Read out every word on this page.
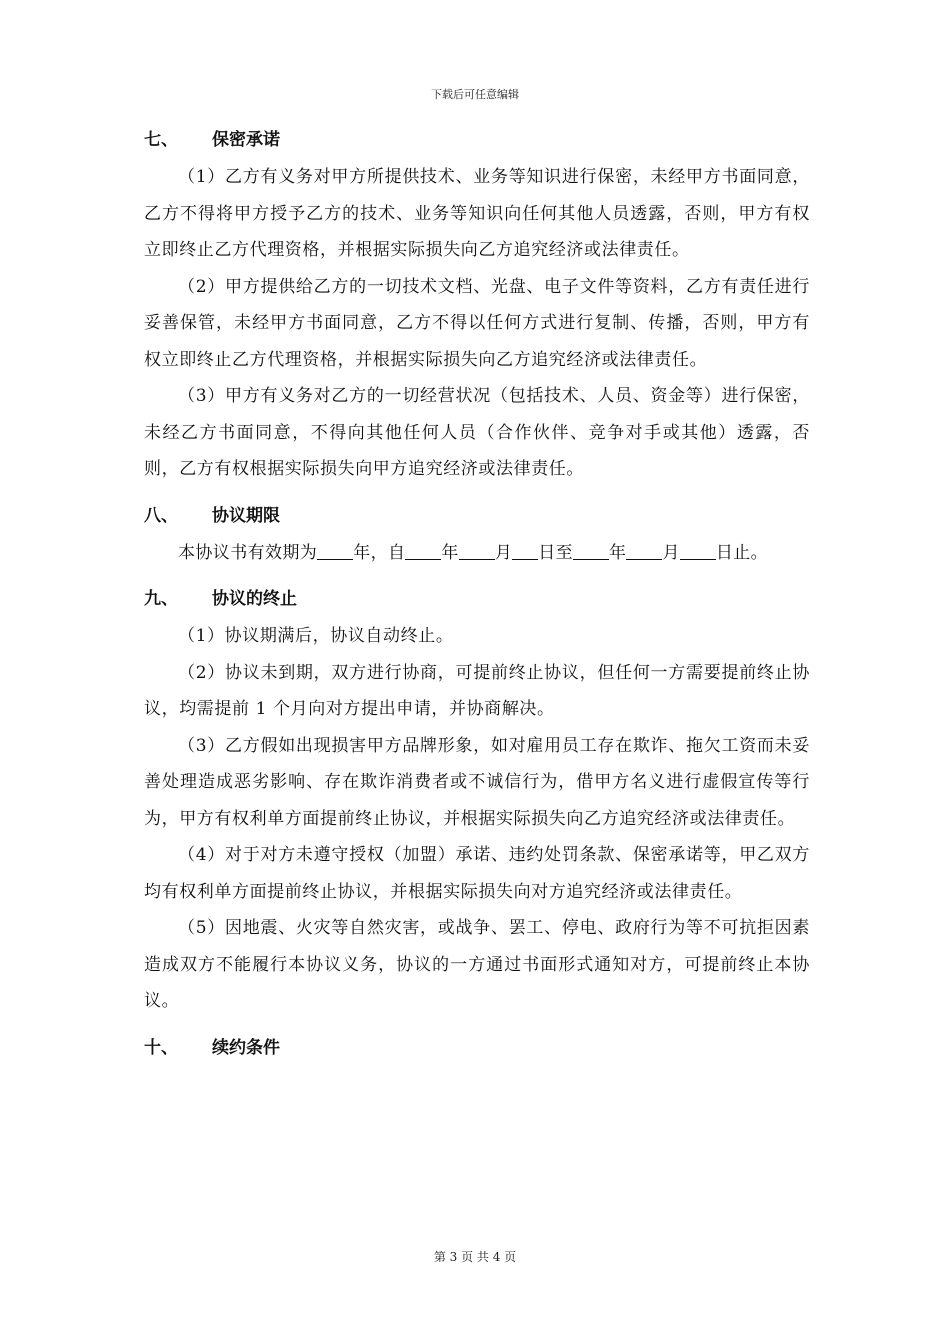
下载后可任意编辑
七、 保密承诺

（1）乙方有义务对甲方所提供技术、业务等知识进行保密，未经甲方书面同意，乙方不得将甲方授予乙方的技术、业务等知识向任何其他人员透露，否则，甲方有权立即终止乙方代理资格，并根据实际损失向乙方追究经济或法律责任。

（2）甲方提供给乙方的一切技术文档、光盘、电子文件等资料，乙方有责任进行妥善保管，未经甲方书面同意，乙方不得以任何方式进行复制、传播，否则，甲方有权立即终止乙方代理资格，并根据实际损失向乙方追究经济或法律责任。

（3）甲方有义务对乙方的一切经营状况（包括技术、人员、资金等）进行保密，未经乙方书面同意，不得向其他任何人员（合作伙伴、竞争对手或其他）透露，否则，乙方有权根据实际损失向甲方追究经济或法律责任。

八、 协议期限

本协议书有效期为 年，自 年 月 日至 年 月 日止。

九、 协议的终止

（1）协议期满后，协议自动终止。

（2）协议未到期，双方进行协商，可提前终止协议，但任何一方需要提前终止协议，均需提前 1 个月向对方提出申请，并协商解决。

（3）乙方假如出现损害甲方品牌形象，如对雇用员工存在欺诈、拖欠工资而未妥善处理造成恶劣影响、存在欺诈消费者或不诚信行为，借甲方名义进行虚假宣传等行为，甲方有权利单方面提前终止协议，并根据实际损失向乙方追究经济或法律责任。

（4）对于对方未遵守授权（加盟）承诺、违约处罚条款、保密承诺等，甲乙双方均有权利单方面提前终止协议，并根据实际损失向对方追究经济或法律责任。

（5）因地震、火灾等自然灾害，或战争、罢工、停电、政府行为等不可抗拒因素造成双方不能履行本协议义务，协议的一方通过书面形式通知对方，可提前终止本协议。

十、 续约条件
第 3 页 共 4 页
